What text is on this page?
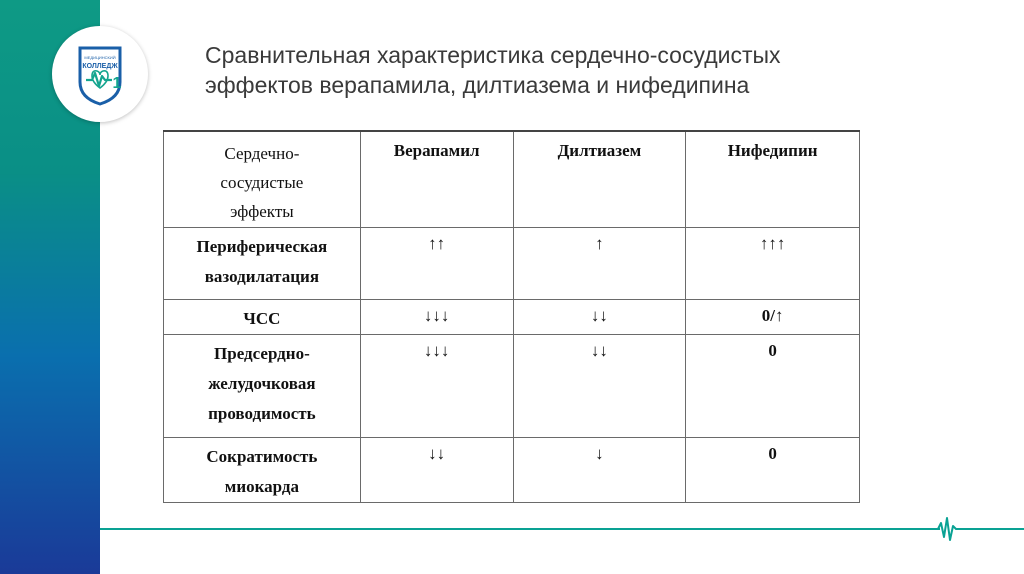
МЕДИЦИНСКИЙ
КОЛЛЕДЖ
1
Сравнительная характеристика сердечно-сосудистых
эффектов верапамила, дилтиазема и нифедипина
Сердечно-
сосудистые
эффекты	Верапамил	Дилтиазем	Нифедипин

Периферическая
вазодилатация	↑↑	↑	↑↑↑

ЧСС	↓↓↓	↓↓	0/↑

Предсердно-
желудочковая
проводимость	↓↓↓	↓↓	0

Сократимость
миокарда	↓↓	↓	0
